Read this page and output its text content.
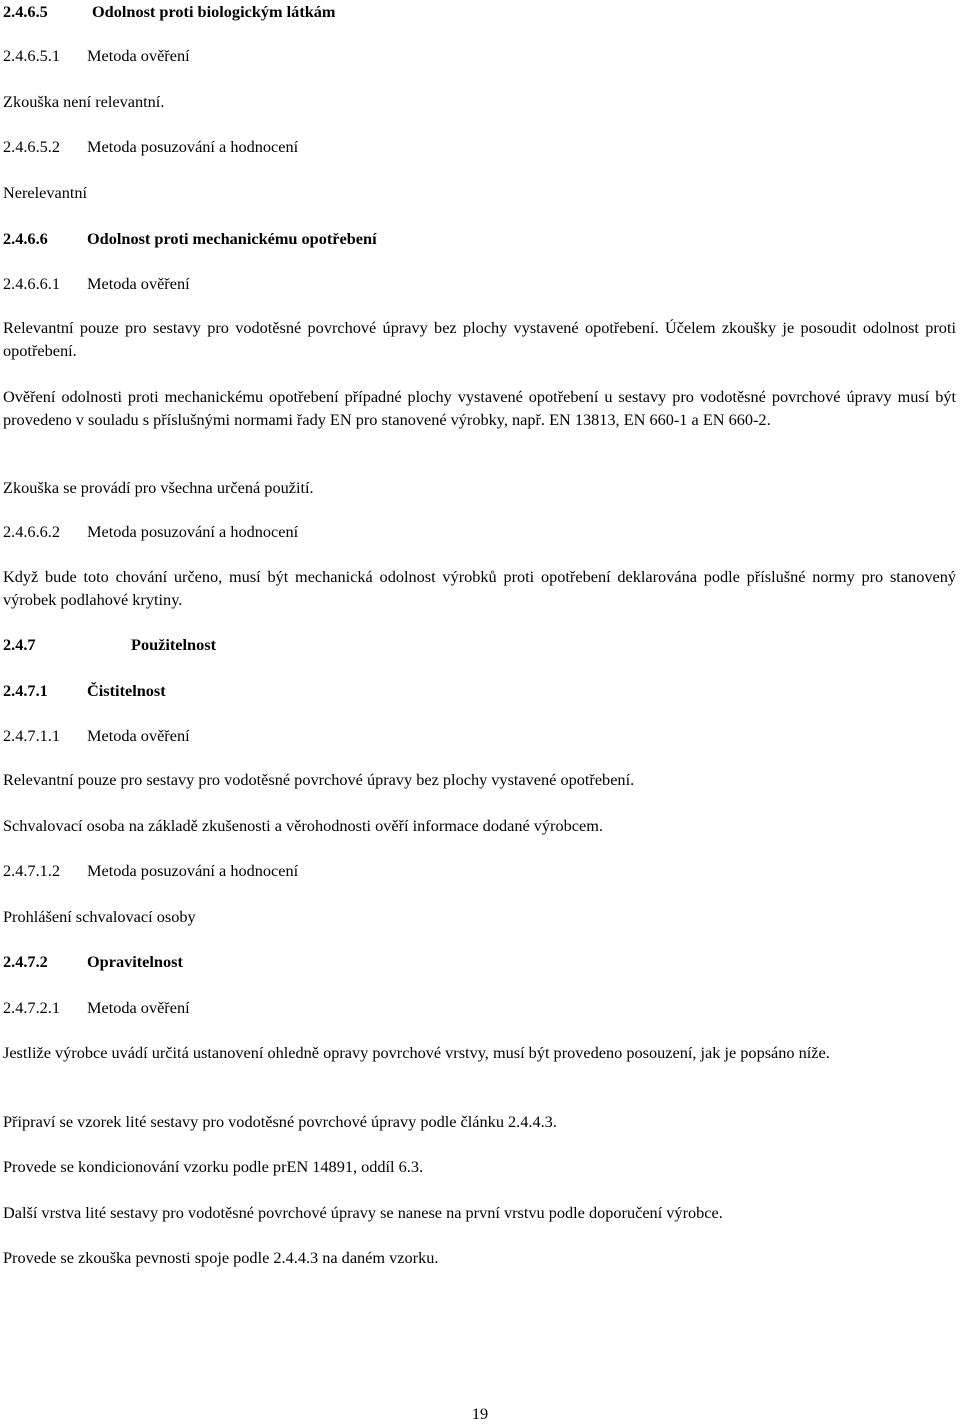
2.4.6.5	Odolnost proti biologickým látkám
2.4.6.5.1 Metoda ověření

Zkouška není relevantní.

2.4.6.5.2 Metoda posuzování a hodnocení

Nerelevantní

2.4.6.6 Odolnost proti mechanickému opotřebení
2.4.6.6.1 Metoda ověření

Relevantní pouze pro sestavy pro vodotěsné povrchové úpravy bez plochy vystavené opotřebení. Účelem zkoušky je posoudit odolnost proti opotřebení.

Ověření odolnosti proti mechanickému opotřebení případné plochy vystavené opotřebení u sestavy pro vodotěsné povrchové úpravy musí být provedeno v souladu s příslušnými normami řady EN pro stanovené výrobky, např. EN 13813, EN 660-1 a EN 660-2.

Zkouška se provádí pro všechna určená použití.

2.4.6.6.2 Metoda posuzování a hodnocení

Když bude toto chování určeno, musí být mechanická odolnost výrobků proti opotřebení deklarována podle příslušné normy pro stanovený výrobek podlahové krytiny.

2.4.7	Použitelnost
2.4.7.1 Čistitelnost
2.4.7.1.1 Metoda ověření

Relevantní pouze pro sestavy pro vodotěsné povrchové úpravy bez plochy vystavené opotřebení.

Schvalovací osoba na základě zkušenosti a věrohodnosti ověří informace dodané výrobcem.

2.4.7.1.2 Metoda posuzování a hodnocení

Prohlášení schvalovací osoby

2.4.7.2 Opravitelnost
2.4.7.2.1 Metoda ověření

Jestliže výrobce uvádí určitá ustanovení ohledně opravy povrchové vrstvy, musí být provedeno posouzení, jak je popsáno níže.

Připraví se vzorek lité sestavy pro vodotěsné povrchové úpravy podle článku 2.4.4.3.

Provede se kondicionování vzorku podle prEN 14891, oddíl 6.3.

Další vrstva lité sestavy pro vodotěsné povrchové úpravy se nanese na první vrstvu podle doporučení výrobce.

Provede se zkouška pevnosti spoje podle 2.4.4.3 na daném vzorku.

19
